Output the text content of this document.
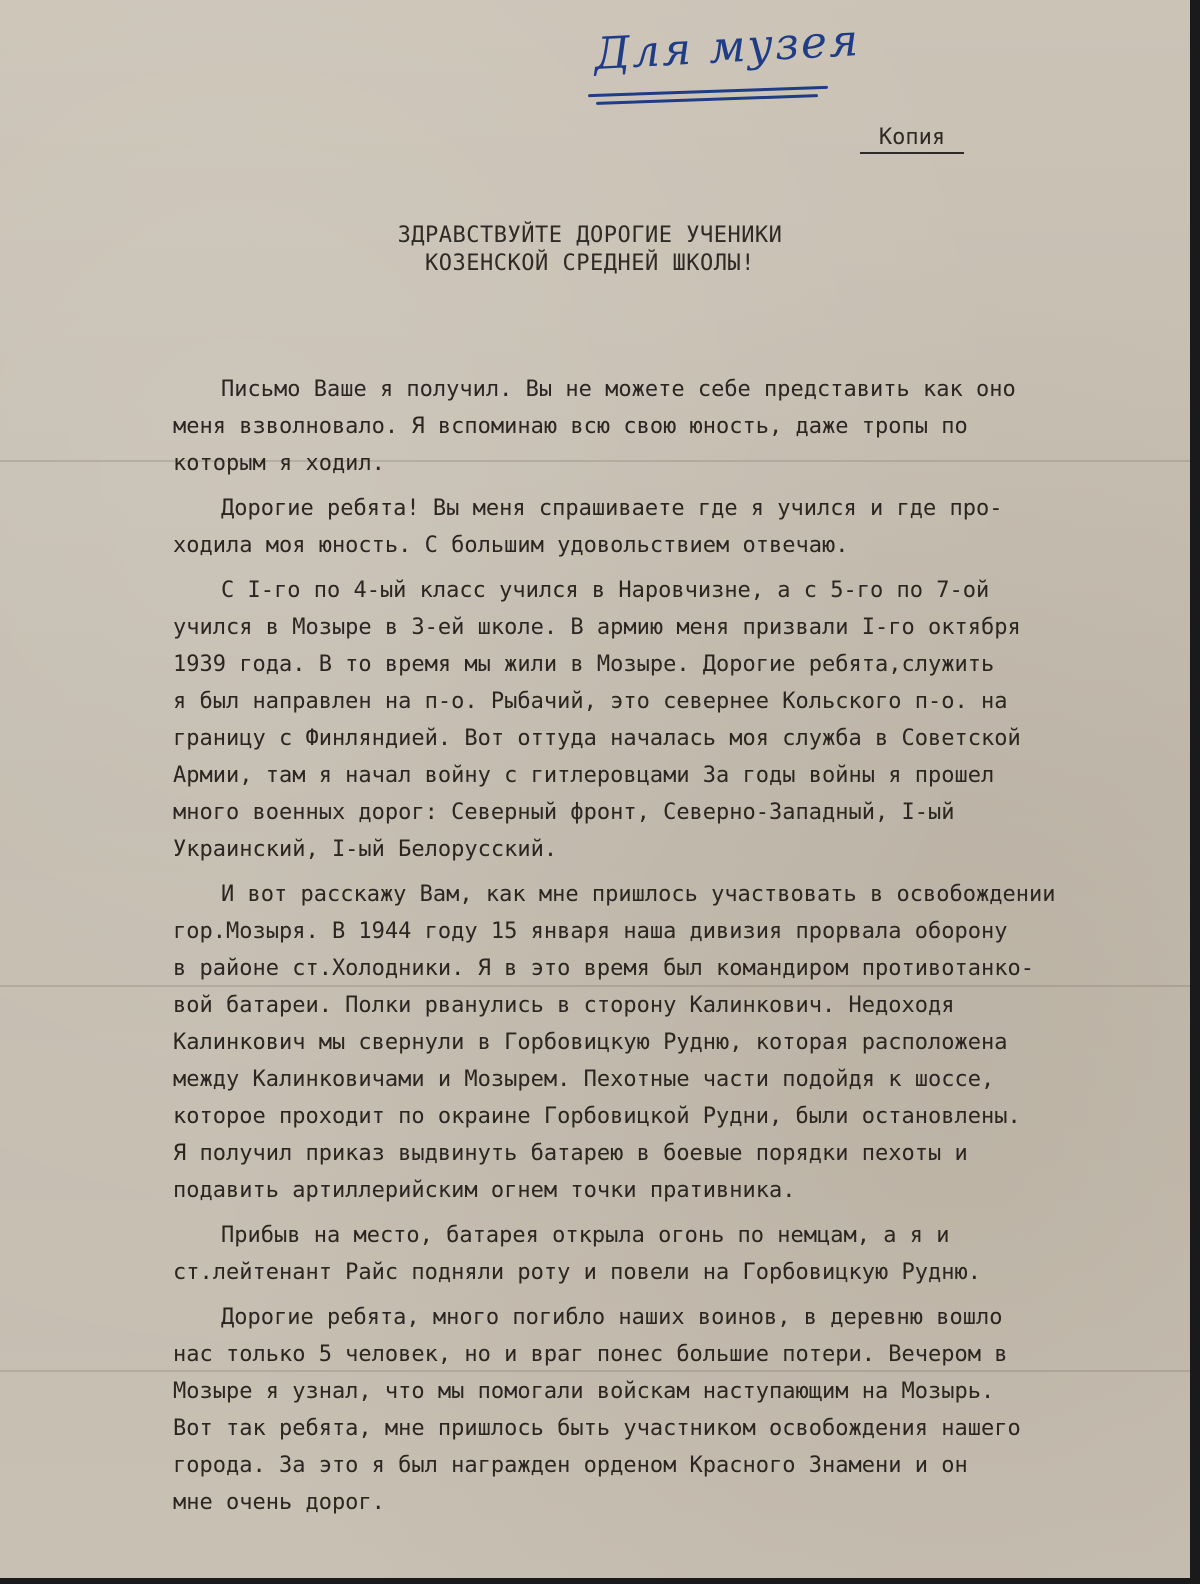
Для музея
Копия
ЗДРАВСТВУЙТЕ ДОРОГИЕ УЧЕНИКИ
КОЗЕНСКОЙ СРЕДНЕЙ ШКОЛЫ!
Письмо Ваше я получил. Вы не можете себе представить как оно
меня взволновало. Я вспоминаю всю свою юность, даже тропы по
которым я ходил.
Дорогие ребята! Вы меня спрашиваете где я учился и где про-
ходила моя юность. С большим удовольствием отвечаю.
С I-го по 4-ый класс учился в Наровчизне, а с 5-го по 7-ой
учился в Мозыре в 3-ей школе. В армию меня призвали I-го октября
1939 года. В то время мы жили в Мозыре. Дорогие ребята,служить
я был направлен на п-о. Рыбачий, это севернее Кольского п-о. на
границу с Финляндией. Вот оттуда началась моя служба в Советской
Армии, там я начал войну с гитлеровцами За годы войны я прошел
много военных дорог: Северный фронт, Северно-Западный, I-ый
Украинский, I-ый Белорусский.
И вот расскажу Вам, как мне пришлось участвовать в освобождении
гор.Мозыря. В 1944 году 15 января наша дивизия прорвала оборону
в районе ст.Холодники. Я в это время был командиром противотанко-
вой батареи. Полки рванулись в сторону Калинкович. Недоходя
Калинкович мы свернули в Горбовицкую Рудню, которая расположена
между Калинковичами и Мозырем. Пехотные части подойдя к шоссе,
которое проходит по окраине Горбовицкой Рудни, были остановлены.
Я получил приказ выдвинуть батарею в боевые порядки пехоты и
подавить артиллерийским огнем точки пративника.
Прибыв на место, батарея открыла огонь по немцам, а я и
ст.лейтенант Райс подняли роту и повели на Горбовицкую Рудню.
Дорогие ребята, много погибло наших воинов, в деревню вошло
нас только 5 человек, но и враг понес большие потери. Вечером в
Мозыре я узнал, что мы помогали войскам наступающим на Мозырь.
Вот так ребята, мне пришлось быть участником освобождения нашего
города. За это я был награжден орденом Красного Знамени и он
мне очень дорог.
